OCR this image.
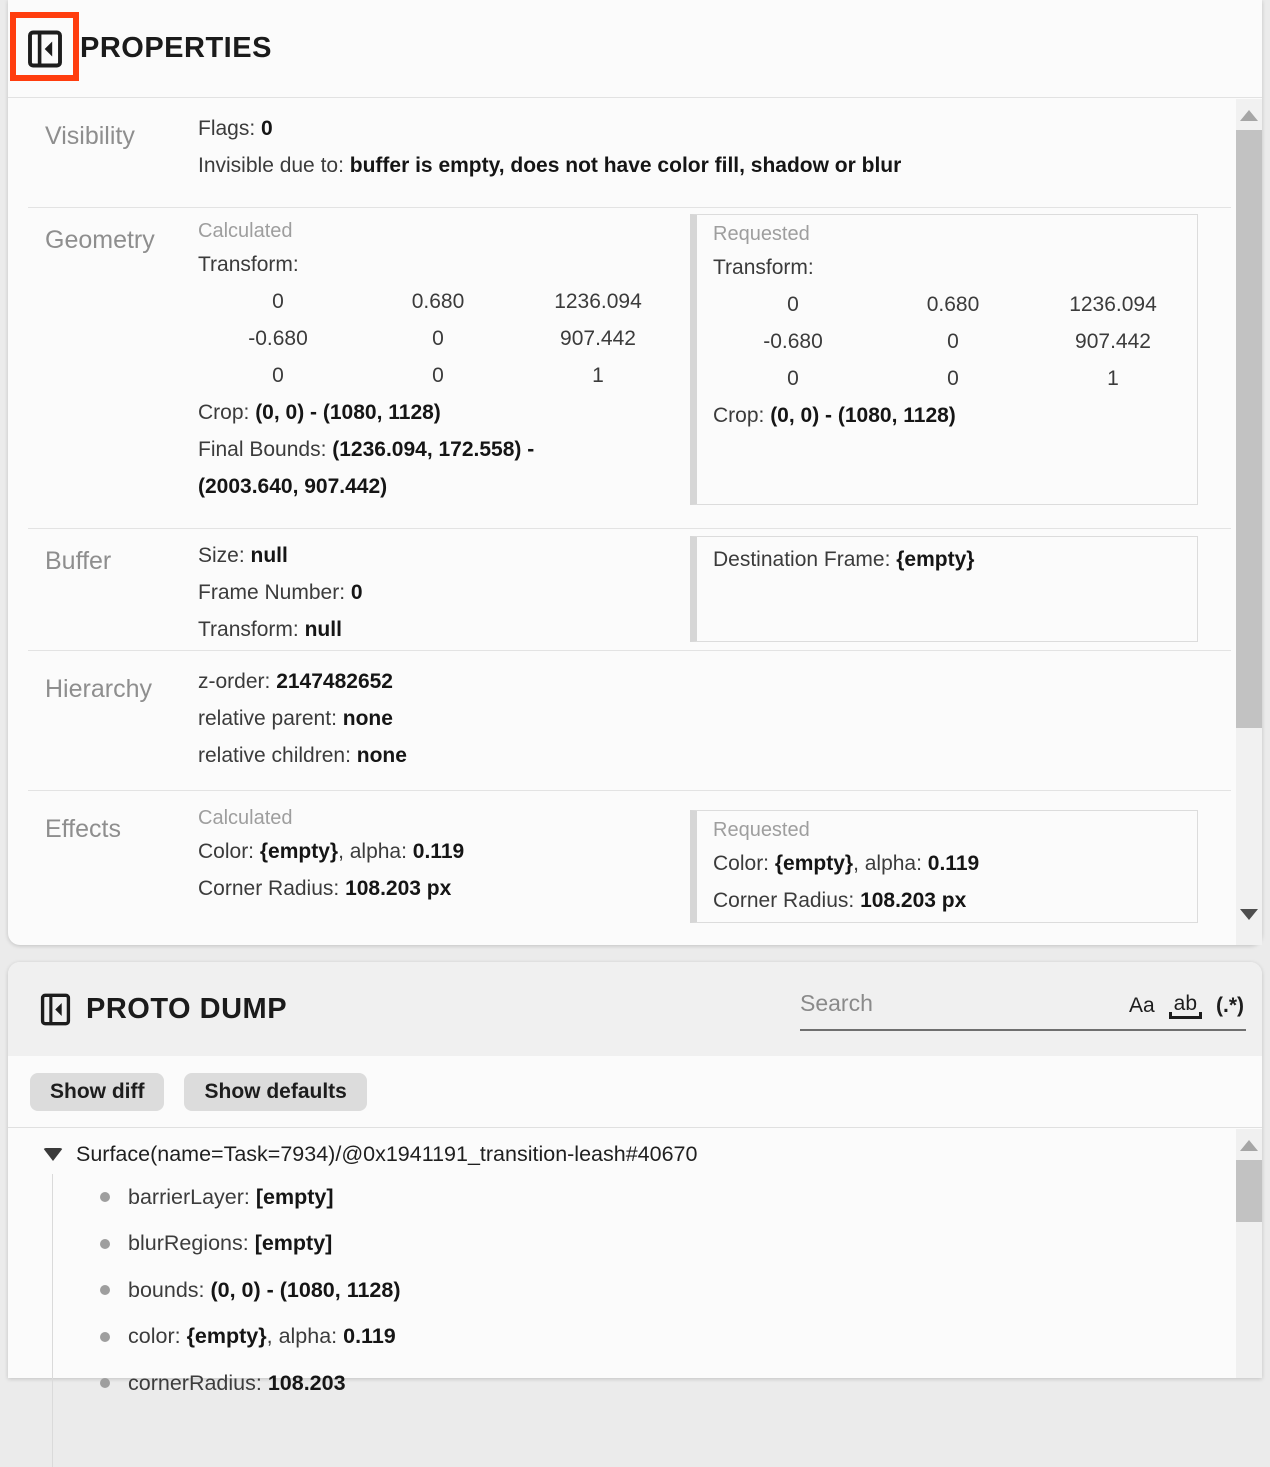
PROPERTIES
Visibility	Flags: 0
Invisible due to: buffer is empty, does not have color fill, shadow or blur
Geometry Calculated
Transform:
0	0.680	1236.094
-0.680	0	907.442
0	0	1
Crop: (0, 0) - (1080, 1128)
Final Bounds: (1236.094, 172.558) - (2003.640, 907.442)
Requested
Transform:
0	0.680	1236.094
-0.680	0	907.442
0	0	1
Crop: (0, 0) - (1080, 1128)
Buffer	Size: null
Frame Number: 0
Transform: null
Destination Frame: {empty}
Hierarchy z-order: 2147482652
relative parent: none
relative children: none
Effects	Calculated
Color: {empty}, alpha: 0.119
Corner Radius: 108.203 px
Requested
Color: {empty}, alpha: 0.119
Corner Radius: 108.203 px
PROTO DUMP
Search	Aa ab (.*)
Show diff	Show defaults
Surface(name=Task=7934)/@0x1941191_transition-leash#40670
barrierLayer: [empty]
blurRegions: [empty]
bounds: (0, 0) - (1080, 1128)
color: {empty}, alpha: 0.119
cornerRadius: 108.203
